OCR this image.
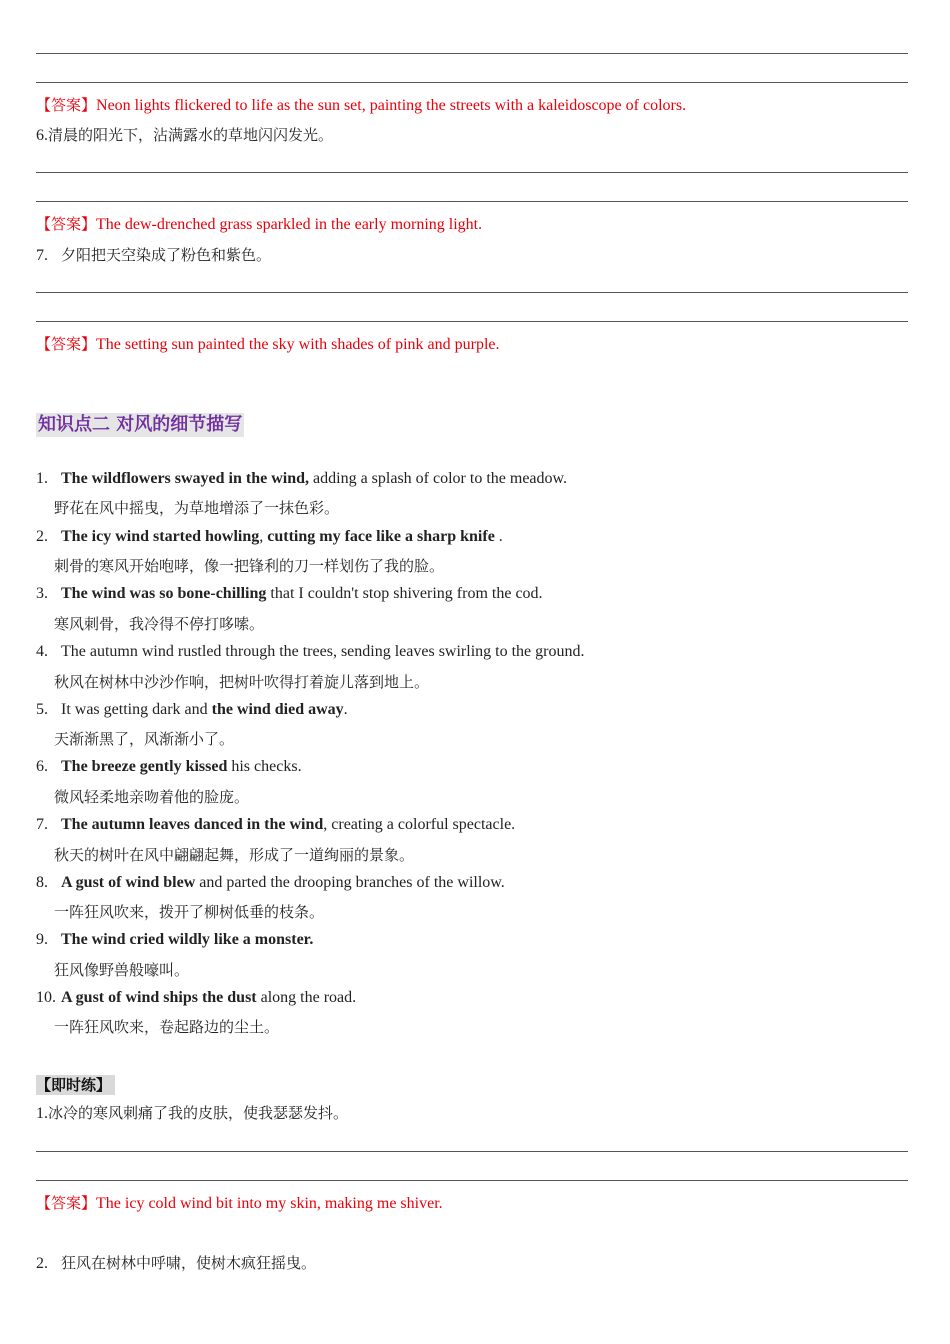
【答案】Neon lights flickered to life as the sun set, painting the streets with a kaleidoscope of colors.
6.清晨的阳光下，沾满露水的草地闪闪发光。
【答案】The dew-drenched grass sparkled in the early morning light.
7. 夕阳把天空染成了粉色和紫色。
【答案】The setting sun painted the sky with shades of pink and purple.
知识点二 对风的细节描写
1. The wildflowers swayed in the wind, adding a splash of color to the meadow.
野花在风中摇曳，为草地增添了一抹色彩。
2. The icy wind started howling, cutting my face like a sharp knife .
刺骨的寒风开始咆哮，像一把锋利的刀一样划伤了我的脸。
3. The wind was so bone-chilling that I couldn't stop shivering from the cod.
寒风刺骨，我冷得不停打哆嗦。
4. The autumn wind rustled through the trees, sending leaves swirling to the ground.
秋风在树林中沙沙作响，把树叶吹得打着旋儿落到地上。
5. It was getting dark and the wind died away.
天渐渐黑了，风渐渐小了。
6. The breeze gently kissed his checks.
微风轻柔地亲吻着他的脸庞。
7. The autumn leaves danced in the wind, creating a colorful spectacle.
秋天的树叶在风中翩翩起舞，形成了一道绚丽的景象。
8. A gust of wind blew and parted the drooping branches of the willow.
一阵狂风吹来，拨开了柳树低垂的枝条。
9. The wind cried wildly like a monster.
狂风像野兽般嚎叫。
10. A gust of wind ships the dust along the road.
一阵狂风吹来，卷起路边的尘土。
【即时练】
1.冰冷的寒风刺痛了我的皮肤，使我瑟瑟发抖。
【答案】The icy cold wind bit into my skin, making me shiver.
2. 狂风在树林中呼啸，使树木疯狂摇曳。
